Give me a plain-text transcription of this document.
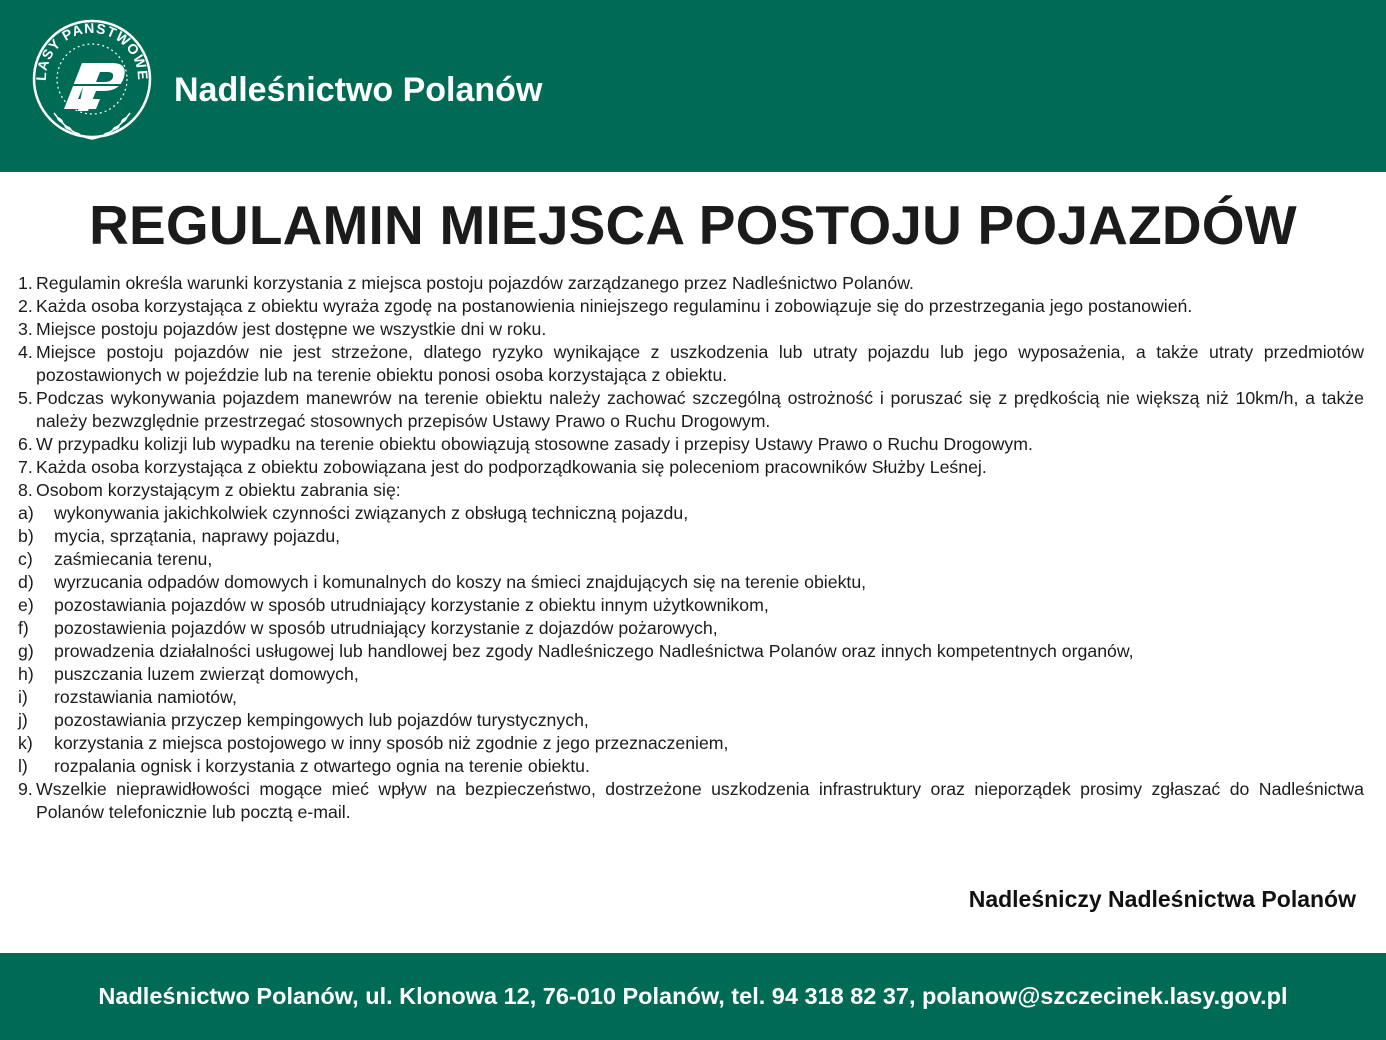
LASY PAŃSTWOWE Nadleśnictwo Polanów
REGULAMIN MIEJSCA POSTOJU POJAZDÓW
1. Regulamin określa warunki korzystania z miejsca postoju pojazdów zarządzanego przez Nadleśnictwo Polanów.
2. Każda osoba korzystająca z obiektu wyraża zgodę na postanowienia niniejszego regulaminu i zobowiązuje się do przestrzegania jego postanowień.
3. Miejsce postoju pojazdów jest dostępne we wszystkie dni w roku.
4. Miejsce postoju pojazdów nie jest strzeżone, dlatego ryzyko wynikające z uszkodzenia lub utraty pojazdu lub jego wyposażenia, a także utraty przedmiotów pozostawionych w pojeździe lub na terenie obiektu ponosi osoba korzystająca z obiektu.
5. Podczas wykonywania pojazdem manewrów na terenie obiektu należy zachować szczególną ostrożność i poruszać się z prędkością nie większą niż 10km/h, a także należy bezwzględnie przestrzegać stosownych przepisów Ustawy Prawo o Ruchu Drogowym.
6. W przypadku kolizji lub wypadku na terenie obiektu obowiązują stosowne zasady i przepisy Ustawy Prawo o Ruchu Drogowym.
7. Każda osoba korzystająca z obiektu zobowiązana jest do podporządkowania się poleceniom pracowników Służby Leśnej.
8. Osobom korzystającym z obiektu zabrania się:
a) wykonywania jakichkolwiek czynności związanych z obsługą techniczną pojazdu,
b) mycia, sprzątania, naprawy pojazdu,
c) zaśmiecania terenu,
d) wyrzucania odpadów domowych i komunalnych do koszy na śmieci znajdujących się na terenie obiektu,
e) pozostawiania pojazdów w sposób utrudniający korzystanie z obiektu innym użytkownikom,
f) pozostawienia pojazdów w sposób utrudniający korzystanie z dojazdów pożarowych,
g) prowadzenia działalności usługowej lub handlowej bez zgody Nadleśniczego Nadleśnictwa Polanów oraz innych kompetentnych organów,
h) puszczania luzem zwierząt domowych,
i) rozstawiania namiotów,
j) pozostawiania przyczep kempingowych lub pojazdów turystycznych,
k) korzystania z miejsca postojowego w inny sposób niż zgodnie z jego przeznaczeniem,
l) rozpalania ognisk i korzystania z otwartego ognia na terenie obiektu.
9. Wszelkie nieprawidłowości mogące mieć wpływ na bezpieczeństwo, dostrzeżone uszkodzenia infrastruktury oraz nieporządek prosimy zgłaszać do Nadleśnictwa Polanów telefonicznie lub pocztą e-mail.
Nadleśniczy Nadleśnictwa Polanów
Nadleśnictwo Polanów, ul. Klonowa 12, 76-010 Polanów, tel. 94 318 82 37, polanow@szczecinek.lasy.gov.pl
